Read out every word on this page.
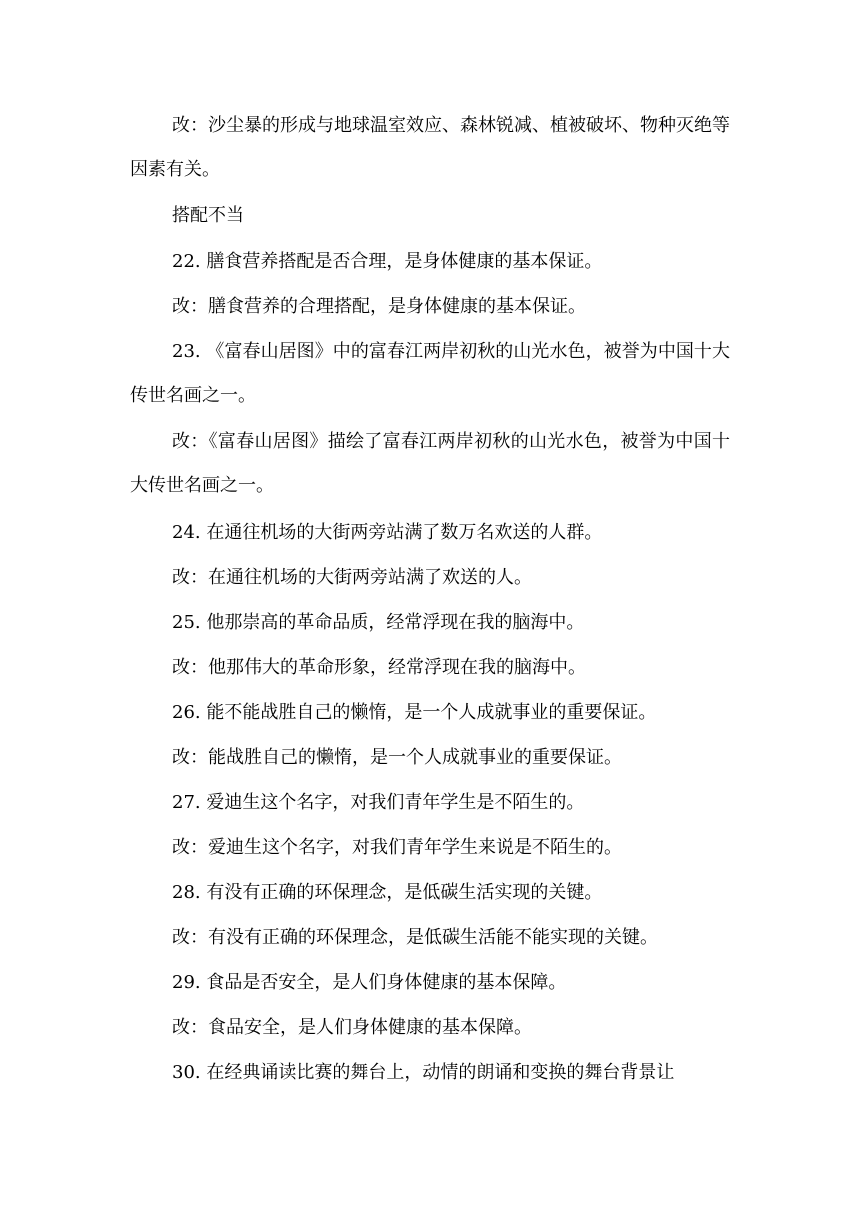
改：沙尘暴的形成与地球温室效应、森林锐减、植被破坏、物种灭绝等因素有关。

搭配不当

22. 膳食营养搭配是否合理，是身体健康的基本保证。

改：膳食营养的合理搭配，是身体健康的基本保证。

23. 《富春山居图》中的富春江两岸初秋的山光水色，被誉为中国十大传世名画之一。

改：《富春山居图》描绘了富春江两岸初秋的山光水色，被誉为中国十大传世名画之一。

24. 在通往机场的大街两旁站满了数万名欢送的人群。

改：在通往机场的大街两旁站满了欢送的人。

25. 他那崇高的革命品质，经常浮现在我的脑海中。

改：他那伟大的革命形象，经常浮现在我的脑海中。

26. 能不能战胜自己的懒惰，是一个人成就事业的重要保证。

改：能战胜自己的懒惰，是一个人成就事业的重要保证。

27. 爱迪生这个名字，对我们青年学生是不陌生的。

改：爱迪生这个名字，对我们青年学生来说是不陌生的。

28. 有没有正确的环保理念，是低碳生活实现的关键。

改：有没有正确的环保理念，是低碳生活能不能实现的关键。

29. 食品是否安全，是人们身体健康的基本保障。

改：食品安全，是人们身体健康的基本保障。

30. 在经典诵读比赛的舞台上，动情的朗诵和变换的舞台背景让
